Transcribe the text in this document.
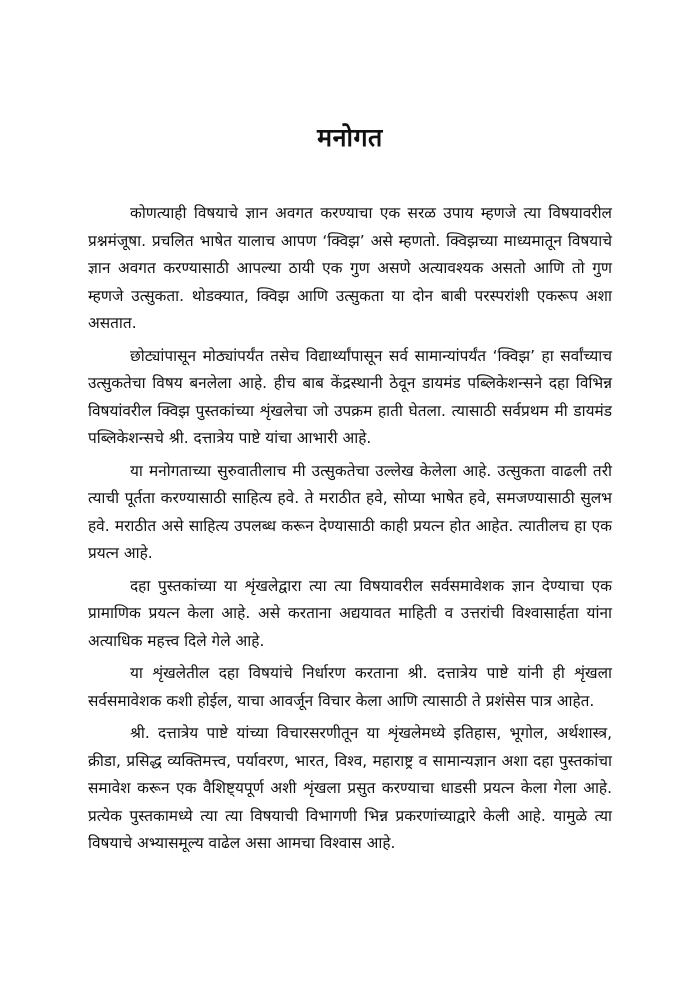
मनोगत

कोणत्याही विषयाचे ज्ञान अवगत करण्याचा एक सरळ उपाय म्हणजे त्या विषयावरील प्रश्नमंजूषा. प्रचलित भाषेत यालाच आपण ‘क्विझ’ असे म्हणतो. क्विझच्या माध्यमातून विषयाचे ज्ञान अवगत करण्यासाठी आपल्या ठायी एक गुण असणे अत्यावश्यक असतो आणि तो गुण म्हणजे उत्सुकता. थोडक्यात, क्विझ आणि उत्सुकता या दोन बाबी परस्परांशी एकरूप अशा असतात.

छोट्यांपासून मोठ्यांपर्यंत तसेच विद्यार्थ्यांपासून सर्व सामान्यांपर्यंत ‘क्विझ’ हा सर्वांच्याच उत्सुकतेचा विषय बनलेला आहे. हीच बाब केंद्रस्थानी ठेवून डायमंड पब्लिकेशन्सने दहा विभिन्न विषयांवरील क्विझ पुस्तकांच्या शृंखलेचा जो उपक्रम हाती घेतला. त्यासाठी सर्वप्रथम मी डायमंड पब्लिकेशन्सचे श्री. दत्तात्रेय पाष्टे यांचा आभारी आहे.

या मनोगताच्या सुरुवातीलाच मी उत्सुकतेचा उल्लेख केलेला आहे. उत्सुकता वाढली तरी त्याची पूर्तता करण्यासाठी साहित्य हवे. ते मराठीत हवे, सोप्या भाषेत हवे, समजण्यासाठी सुलभ हवे. मराठीत असे साहित्य उपलब्ध करून देण्यासाठी काही प्रयत्न होत आहेत. त्यातीलच हा एक प्रयत्न आहे.

दहा पुस्तकांच्या या शृंखलेद्वारा त्या त्या विषयावरील सर्वसमावेशक ज्ञान देण्याचा एक प्रामाणिक प्रयत्न केला आहे. असे करताना अद्ययावत माहिती व उत्तरांची विश्वासार्हता यांना अत्याधिक महत्त्व दिले गेले आहे.

या शृंखलेतील दहा विषयांचे निर्धारण करताना श्री. दत्तात्रेय पाष्टे यांनी ही शृंखला सर्वसमावेशक कशी होईल, याचा आवर्जून विचार केला आणि त्यासाठी ते प्रशंसेस पात्र आहेत.

श्री. दत्तात्रेय पाष्टे यांच्या विचारसरणीतून या शृंखलेमध्ये इतिहास, भूगोल, अर्थशास्त्र, क्रीडा, प्रसिद्ध व्यक्तिमत्त्व, पर्यावरण, भारत, विश्व, महाराष्ट्र व सामान्यज्ञान अशा दहा पुस्तकांचा समावेश करून एक वैशिष्ट्यपूर्ण अशी शृंखला प्रसुत करण्याचा धाडसी प्रयत्न केला गेला आहे. प्रत्येक पुस्तकामध्ये त्या त्या विषयाची विभागणी भिन्न प्रकरणांच्याद्वारे केली आहे. यामुळे त्या विषयाचे अभ्यासमूल्य वाढेल असा आमचा विश्वास आहे.
